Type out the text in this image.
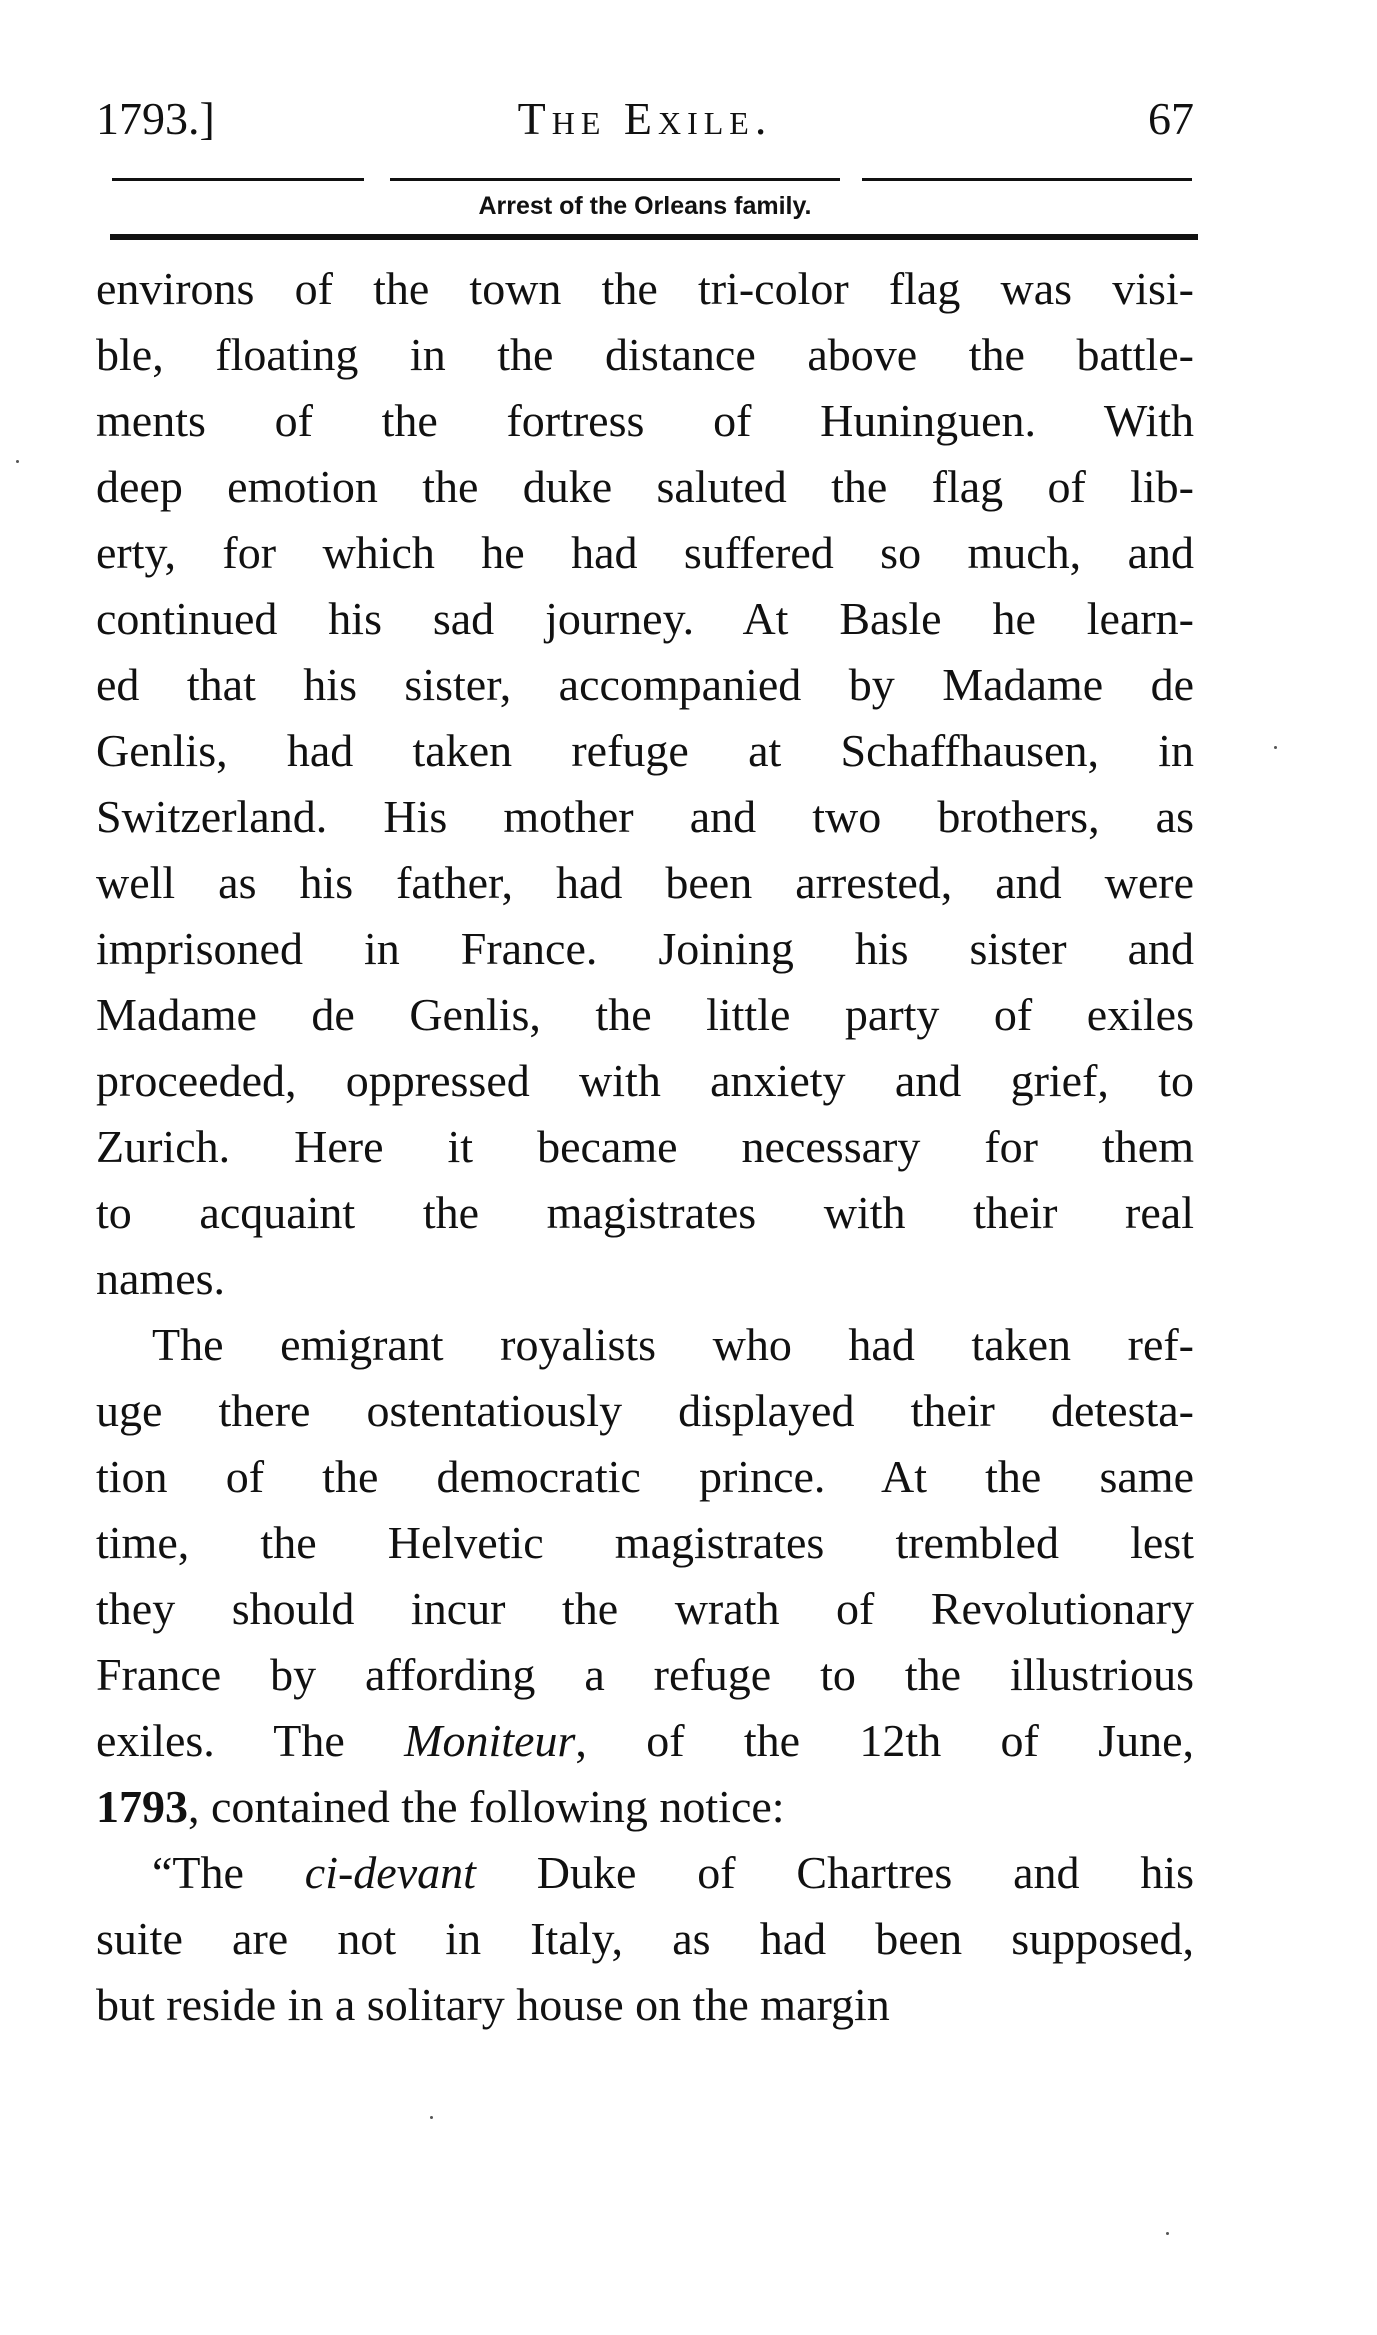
1793.]	The Exile.	67
Arrest of the Orleans family.
environs of the town the tri-color flag was visi-
ble, floating in the distance above the battle-
ments of the fortress of Huninguen. With
deep emotion the duke saluted the flag of lib-
erty, for which he had suffered so much, and
continued his sad journey. At Basle he learn-
ed that his sister, accompanied by Madame de
Genlis, had taken refuge at Schaffhausen, in
Switzerland. His mother and two brothers, as
well as his father, had been arrested, and were
imprisoned in France. Joining his sister and
Madame de Genlis, the little party of exiles
proceeded, oppressed with anxiety and grief, to
Zurich. Here it became necessary for them
to acquaint the magistrates with their real
names.
The emigrant royalists who had taken ref-
uge there ostentatiously displayed their detesta-
tion of the democratic prince. At the same
time, the Helvetic magistrates trembled lest
they should incur the wrath of Revolutionary
France by affording a refuge to the illustrious
exiles. The Moniteur, of the 12th of June,
1793, contained the following notice:
“The ci-devant Duke of Chartres and his
suite are not in Italy, as had been supposed,
but reside in a solitary house on the margin
